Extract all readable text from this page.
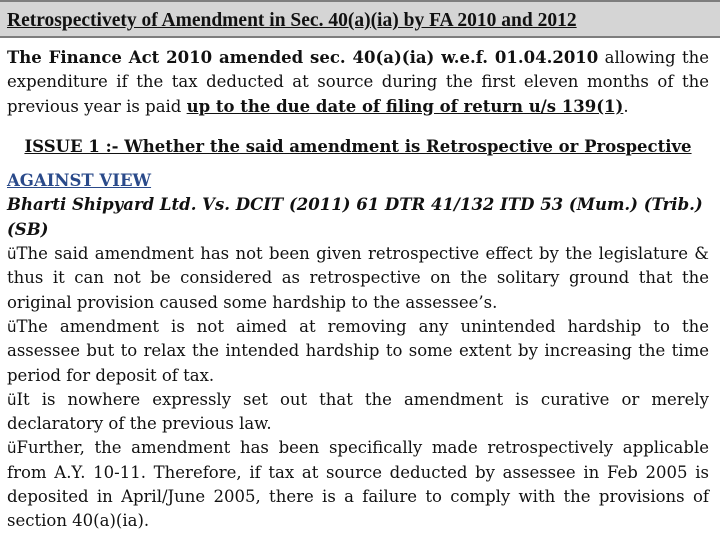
Retrospectivety of Amendment in Sec. 40(a)(ia) by FA 2010 and 2012

The Finance Act 2010 amended sec. 40(a)(ia) w.e.f. 01.04.2010 allowing the expenditure if the tax deducted at source during the first eleven months of the previous year is paid up to the due date of filing of return u/s 139(1).

ISSUE 1 :- Whether the said amendment is Retrospective or Prospective

AGAINST VIEW

Bharti Shipyard Ltd. Vs. DCIT (2011) 61 DTR 41/132 ITD 53 (Mum.) (Trib.)(SB)

üThe said amendment has not been given retrospective effect by the legislature & thus it can not be considered as retrospective on the solitary ground that the original provision caused some hardship to the assessee’s.

üThe amendment is not aimed at removing any unintended hardship to the assessee but to relax the intended hardship to some extent by increasing the time period for deposit of tax.

üIt is nowhere expressly set out that the amendment is curative or merely declaratory of the previous law.

üFurther, the amendment has been specifically made retrospectively applicable from A.Y. 10-11. Therefore, if tax at source deducted by assessee in Feb 2005 is deposited in April/June 2005, there is a failure to comply with the provisions of section 40(a)(ia).
